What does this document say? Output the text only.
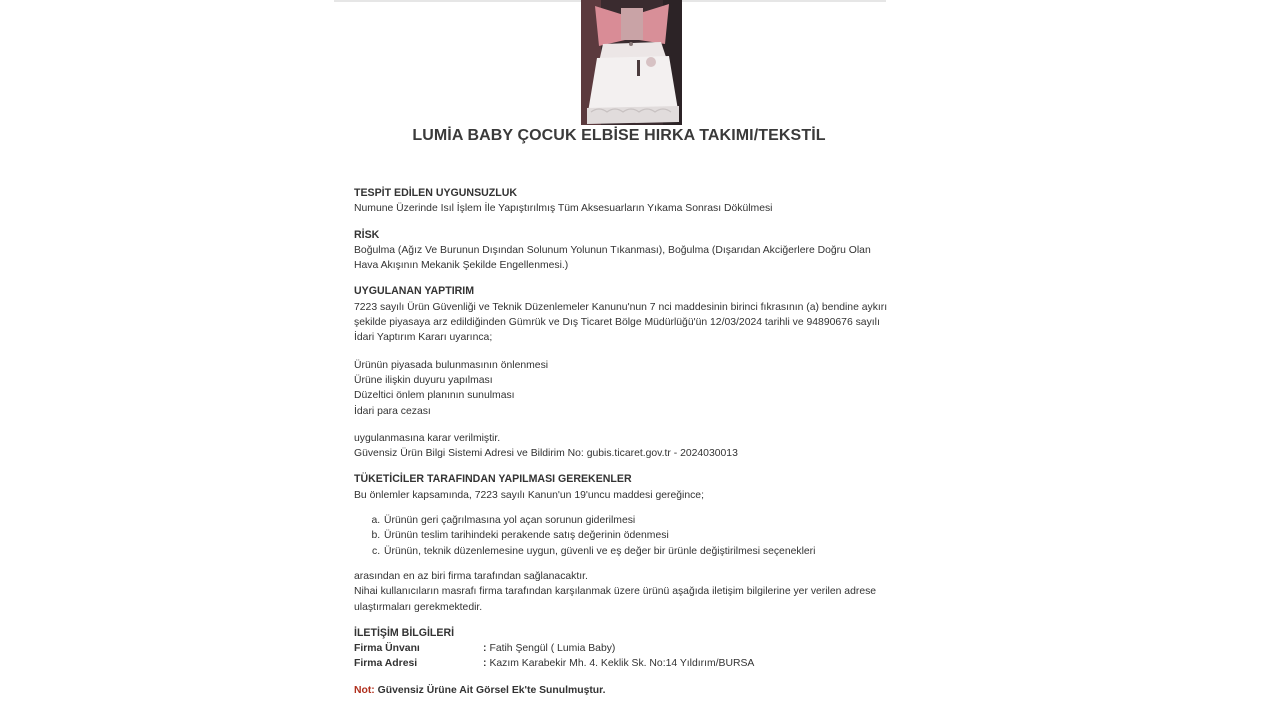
LUMİA BABY ÇOCUK ELBİSE HIRKA TAKIMI/TEKSTİL
TESPİT EDİLEN UYGUNSUZLUK
Numune Üzerinde Isıl İşlem İle Yapıştırılmış Tüm Aksesuarların Yıkama Sonrası Dökülmesi
RİSK
Boğulma (Ağız Ve Burunun Dışından Solunum Yolunun Tıkanması), Boğulma (Dışarıdan Akciğerlere Doğru Olan
Hava Akışının Mekanik Şekilde Engellenmesi.)
UYGULANAN YAPTIRIM
7223 sayılı Ürün Güvenliği ve Teknik Düzenlemeler Kanunu'nun 7 nci maddesinin birinci fıkrasının (a) bendine aykırı
şekilde piyasaya arz edildiğinden Gümrük ve Dış Ticaret Bölge Müdürlüğü'ün 12/03/2024 tarihli ve 94890676 sayılı
İdari Yaptırım Kararı uyarınca;
Ürünün piyasada bulunmasının önlenmesi
Ürüne ilişkin duyuru yapılması
Düzeltici önlem planının sunulması
İdari para cezası
uygulanmasına karar verilmiştir.
Güvensiz Ürün Bilgi Sistemi Adresi ve Bildirim No: gubis.ticaret.gov.tr - 2024030013
TÜKETİCİLER TARAFINDAN YAPILMASI GEREKENLER
Bu önlemler kapsamında, 7223 sayılı Kanun'un 19'uncu maddesi gereğince;
a. Ürünün geri çağrılmasına yol açan sorunun giderilmesi
b. Ürünün teslim tarihindeki perakende satış değerinin ödenmesi
c. Ürünün, teknik düzenlemesine uygun, güvenli ve eş değer bir ürünle değiştirilmesi seçenekleri
arasından en az biri firma tarafından sağlanacaktır.
Nihai kullanıcıların masrafı firma tarafından karşılanmak üzere ürünü aşağıda iletişim bilgilerine yer verilen adrese
ulaştırmaları gerekmektedir.
İLETİŞİM BİLGİLERİ
Firma Ünvanı	: Fatih Şengül ( Lumia Baby)
Firma Adresi	: Kazım Karabekir Mh. 4. Keklik Sk. No:14 Yıldırım/BURSA
Not: Güvensiz Ürüne Ait Görsel Ek'te Sunulmuştur.
